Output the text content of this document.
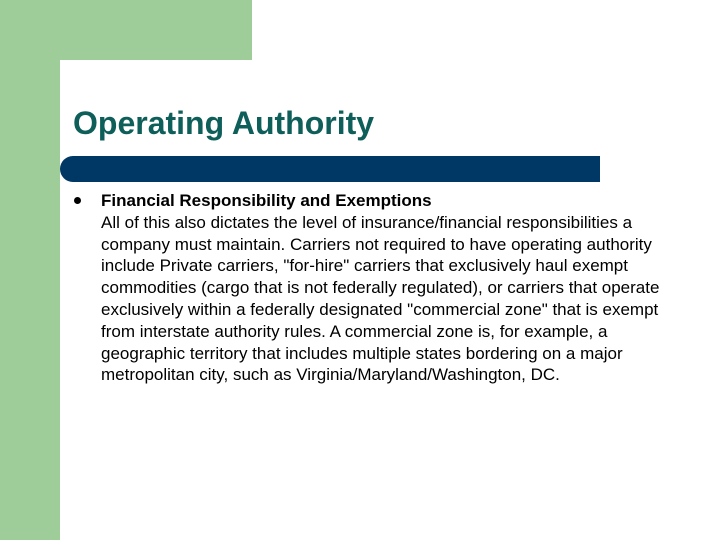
Operating Authority
Financial Responsibility and Exemptions
All of this also dictates the level of insurance/financial responsibilities a company must maintain. Carriers not required to have operating authority include Private carriers, "for-hire" carriers that exclusively haul exempt commodities (cargo that is not federally regulated), or carriers that operate exclusively within a federally designated "commercial zone" that is exempt from interstate authority rules. A commercial zone is, for example, a geographic territory that includes multiple states bordering on a major metropolitan city, such as Virginia/Maryland/Washington, DC.
